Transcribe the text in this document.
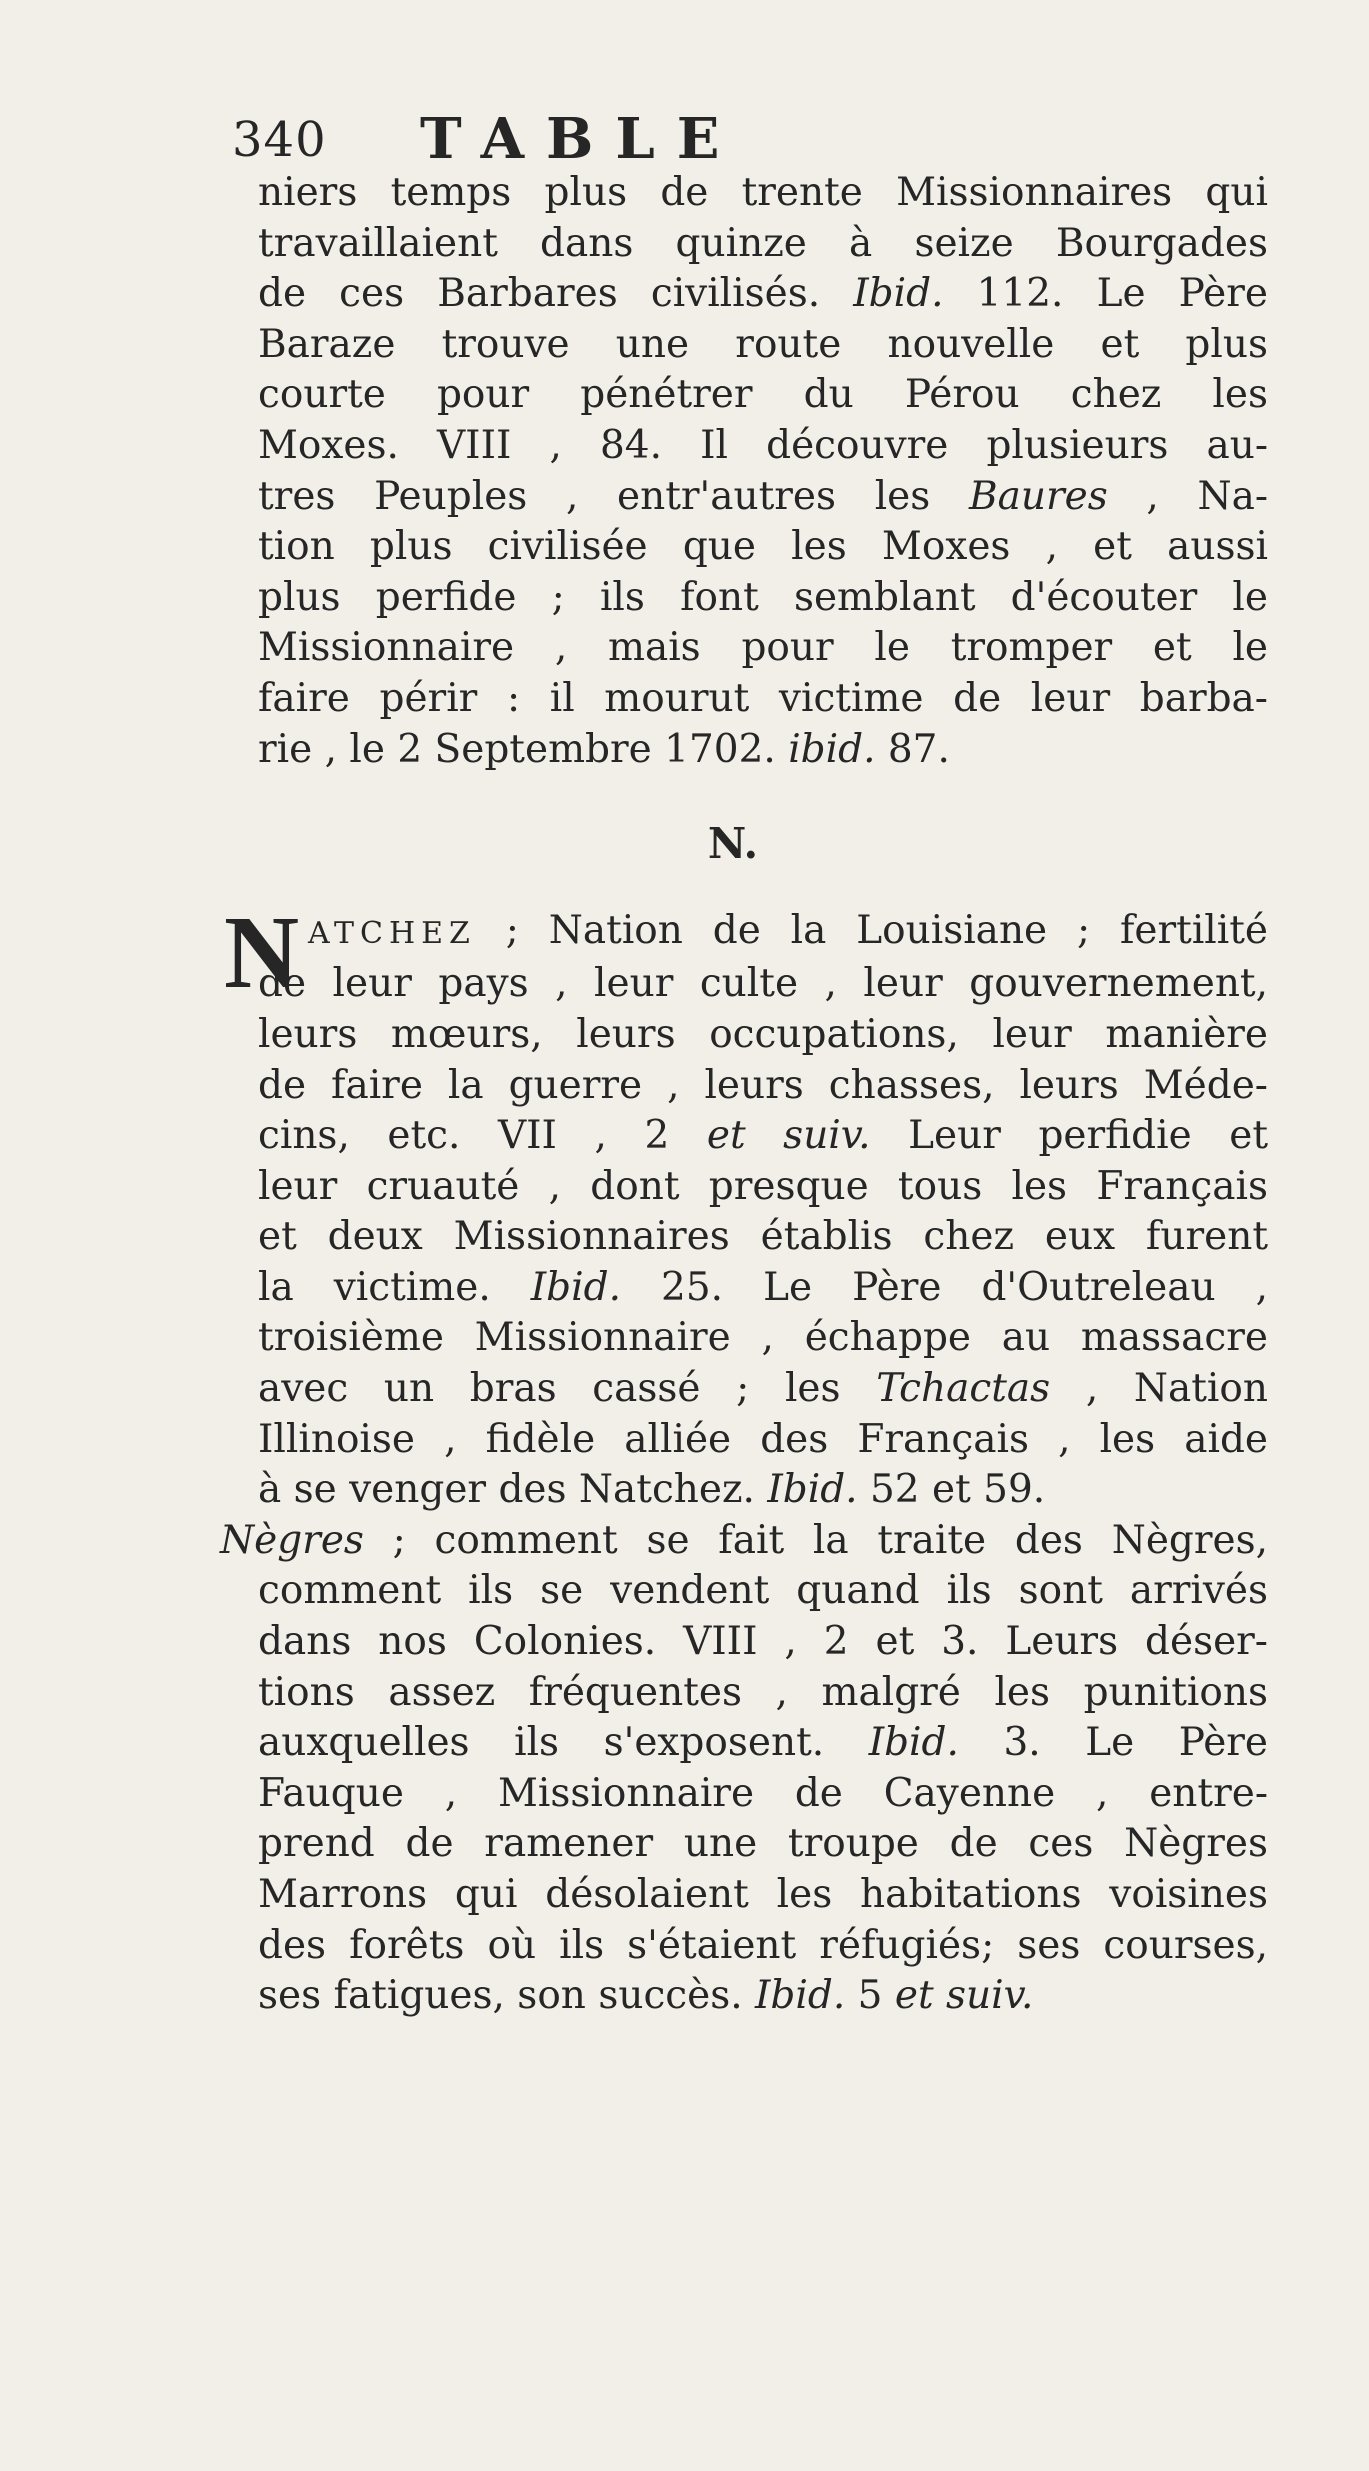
340 TABLE
niers temps plus de trente Missionnaires qui
travaillaient dans quinze à seize Bourgades
de ces Barbares civilisés. Ibid. 112. Le Père
Baraze trouve une route nouvelle et plus
courte pour pénétrer du Pérou chez les
Moxes. VIII , 84. Il découvre plusieurs au-
tres Peuples , entr'autres les Baures , Na-
tion plus civilisée que les Moxes , et aussi
plus perfide ; ils font semblant d'écouter le
Missionnaire , mais pour le tromper et le
faire périr : il mourut victime de leur barba-
rie , le 2 Septembre 1702. ibid. 87.
N.
N ATCHEZ ; Nation de la Louisiane ; fertilité
de leur pays , leur culte , leur gouvernement,
leurs mœurs, leurs occupations, leur manière
de faire la guerre , leurs chasses, leurs Méde-
cins, etc. VII , 2 et suiv. Leur perfidie et
leur cruauté , dont presque tous les Français
et deux Missionnaires établis chez eux furent
la victime. Ibid. 25. Le Père d'Outreleau ,
troisième Missionnaire , échappe au massacre
avec un bras cassé ; les Tchactas , Nation
Illinoise , fidèle alliée des Français , les aide
à se venger des Natchez. Ibid. 52 et 59.
Nègres ; comment se fait la traite des Nègres,
comment ils se vendent quand ils sont arrivés
dans nos Colonies. VIII , 2 et 3. Leurs déser-
tions assez fréquentes , malgré les punitions
auxquelles ils s'exposent. Ibid. 3. Le Père
Fauque , Missionnaire de Cayenne , entre-
prend de ramener une troupe de ces Nègres
Marrons qui désolaient les habitations voisines
des forêts où ils s'étaient réfugiés; ses courses,
ses fatigues, son succès. Ibid. 5 et suiv.
